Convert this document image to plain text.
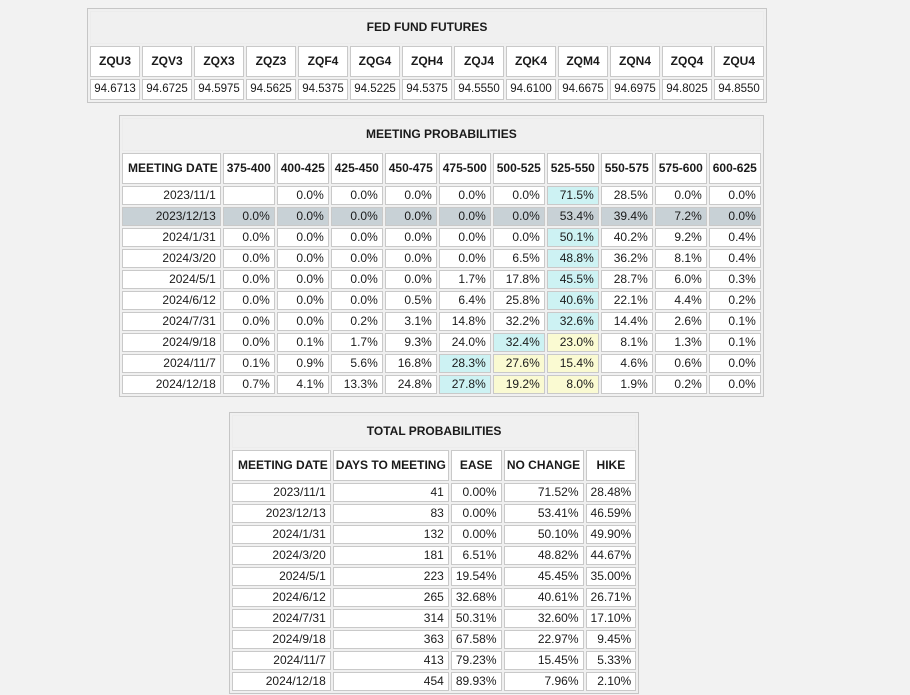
FED FUND FUTURES												
ZQU3	ZQV3	ZQX3	ZQZ3	ZQF4	ZQG4	ZQH4	ZQJ4	ZQK4	ZQM4	ZQN4	ZQQ4	ZQU4
94.6713	94.6725	94.5975	94.5625	94.5375	94.5225	94.5375	94.5550	94.6100	94.6675	94.6975	94.8025	94.8550
MEETING PROBABILITIES										
MEETING DATE	375-400	400-425	425-450	450-475	475-500	500-525	525-550	550-575	575-600	600-625
2023/11/1		0.0%	0.0%	0.0%	0.0%	0.0%	71.5%	28.5%	0.0%	0.0%
2023/12/13	0.0%	0.0%	0.0%	0.0%	0.0%	0.0%	53.4%	39.4%	7.2%	0.0%
2024/1/31	0.0%	0.0%	0.0%	0.0%	0.0%	0.0%	50.1%	40.2%	9.2%	0.4%
2024/3/20	0.0%	0.0%	0.0%	0.0%	0.0%	6.5%	48.8%	36.2%	8.1%	0.4%
2024/5/1	0.0%	0.0%	0.0%	0.0%	1.7%	17.8%	45.5%	28.7%	6.0%	0.3%
2024/6/12	0.0%	0.0%	0.0%	0.5%	6.4%	25.8%	40.6%	22.1%	4.4%	0.2%
2024/7/31	0.0%	0.0%	0.2%	3.1%	14.8%	32.2%	32.6%	14.4%	2.6%	0.1%
2024/9/18	0.0%	0.1%	1.7%	9.3%	24.0%	32.4%	23.0%	8.1%	1.3%	0.1%
2024/11/7	0.1%	0.9%	5.6%	16.8%	28.3%	27.6%	15.4%	4.6%	0.6%	0.0%
2024/12/18	0.7%	4.1%	13.3%	24.8%	27.8%	19.2%	8.0%	1.9%	0.2%	0.0%
TOTAL PROBABILITIES				
MEETING DATE	DAYS TO MEETING	EASE	NO CHANGE	HIKE
2023/11/1	41	0.00%	71.52%	28.48%
2023/12/13	83	0.00%	53.41%	46.59%
2024/1/31	132	0.00%	50.10%	49.90%
2024/3/20	181	6.51%	48.82%	44.67%
2024/5/1	223	19.54%	45.45%	35.00%
2024/6/12	265	32.68%	40.61%	26.71%
2024/7/31	314	50.31%	32.60%	17.10%
2024/9/18	363	67.58%	22.97%	9.45%
2024/11/7	413	79.23%	15.45%	5.33%
2024/12/18	454	89.93%	7.96%	2.10%
